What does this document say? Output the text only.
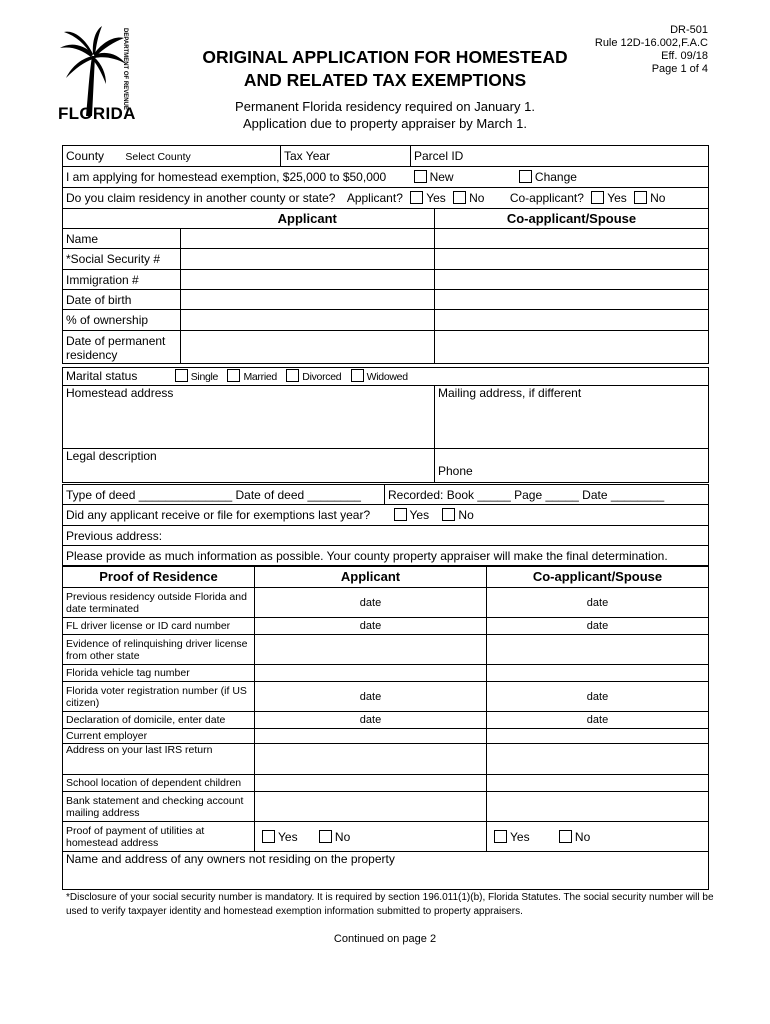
DEPARTMENT OF REVENUE
FLORIDA
ORIGINAL APPLICATION FOR HOMESTEAD
AND RELATED TAX EXEMPTIONS
DR-501
Rule 12D-16.002,F.A.C
Eff. 09/18
Page 1 of 4
Permanent Florida residency required on January 1.
Application due to property appraiser by March 1.
County Select County	Tax Year	Parcel ID
I am applying for homestead exemption, $25,000 to $50,000	New	Change
Do you claim residency in another county or state? Applicant? Yes No Co-applicant? Yes No
	Applicant	Co-applicant/Spouse
Name		
*Social Security #		
Immigration #		
Date of birth		
% of ownership		
Date of permanent residency		
Marital status Single Married Divorced Widowed	
Homestead address	Mailing address, if different
Legal description	Phone
Type of deed ______________ Date of deed ________	Recorded: Book _____ Page _____ Date ________
Did any applicant receive or file for exemptions last year?	Yes No
Previous address:
Please provide as much information as possible. Your county property appraiser will make the final determination.
Proof of Residence	Applicant	Co-applicant/Spouse
Previous residency outside Florida and date terminated	date	date

FL driver license or ID card number	date	date

Evidence of relinquishing driver license from other state		
Florida vehicle tag number		
Florida voter registration number (if US citizen)	date	date

Declaration of domicile, enter date	date	date

Current employer		
Address on your last IRS return		
School location of dependent children		
Bank statement and checking account mailing address		
Proof of payment of utilities at homestead address	Yes No	Yes No
Name and address of any owners not residing on the property		
*Disclosure of your social security number is mandatory. It is required by section 196.011(1)(b), Florida Statutes. The social security number will be used to verify taxpayer identity and homestead exemption information submitted to property appraisers.
Continued on page 2
